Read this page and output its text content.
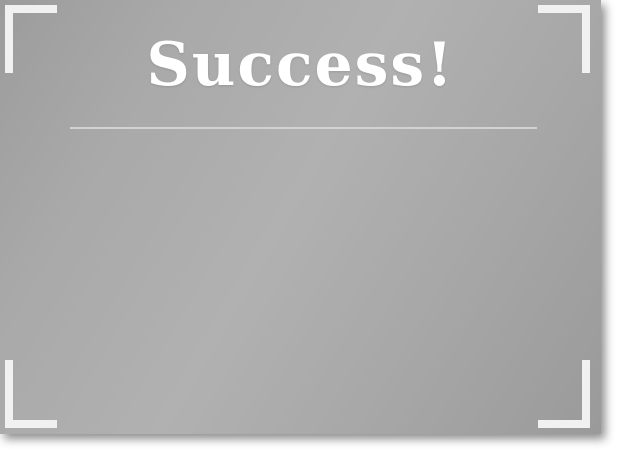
Success!
